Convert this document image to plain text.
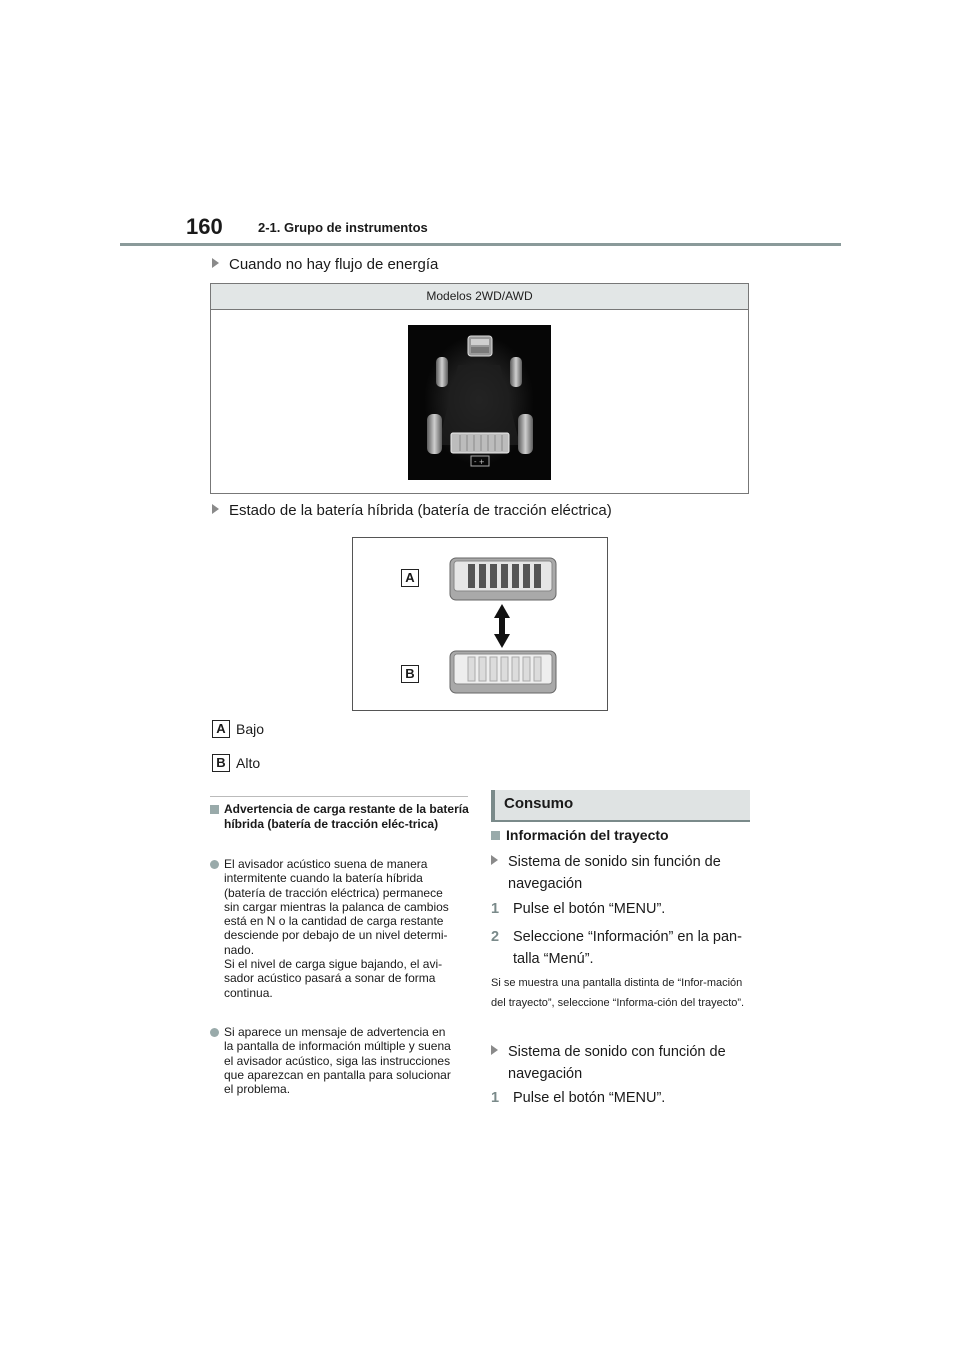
160	2-1. Grupo de instrumentos
Cuando no hay flujo de energía
Modelos 2WD/AWD
- +
Estado de la batería híbrida (batería de tracción eléctrica)
A
B
A Bajo
B Alto
Advertencia de carga restante de la batería híbrida (batería de tracción eléc-trica)
El avisador acústico suena de manera
intermitente cuando la batería híbrida
(batería de tracción eléctrica) permanece
sin cargar mientras la palanca de cambios
está en N o la cantidad de carga restante
desciende por debajo de un nivel determi-
nado.
Si el nivel de carga sigue bajando, el avi-
sador acústico pasará a sonar de forma
continua.
Si aparece un mensaje de advertencia en
la pantalla de información múltiple y suena
el avisador acústico, siga las instrucciones
que aparezcan en pantalla para solucionar
el problema.
Consumo
Información del trayecto
Sistema de sonido sin función de navegación
1 Pulse el botón “MENU”.
2 Seleccione “Información” en la pan-
talla “Menú”.
Si se muestra una pantalla distinta de “Infor-mación del trayecto”, seleccione “Informa-ción del trayecto”.
Sistema de sonido con función de navegación
1 Pulse el botón “MENU”.
